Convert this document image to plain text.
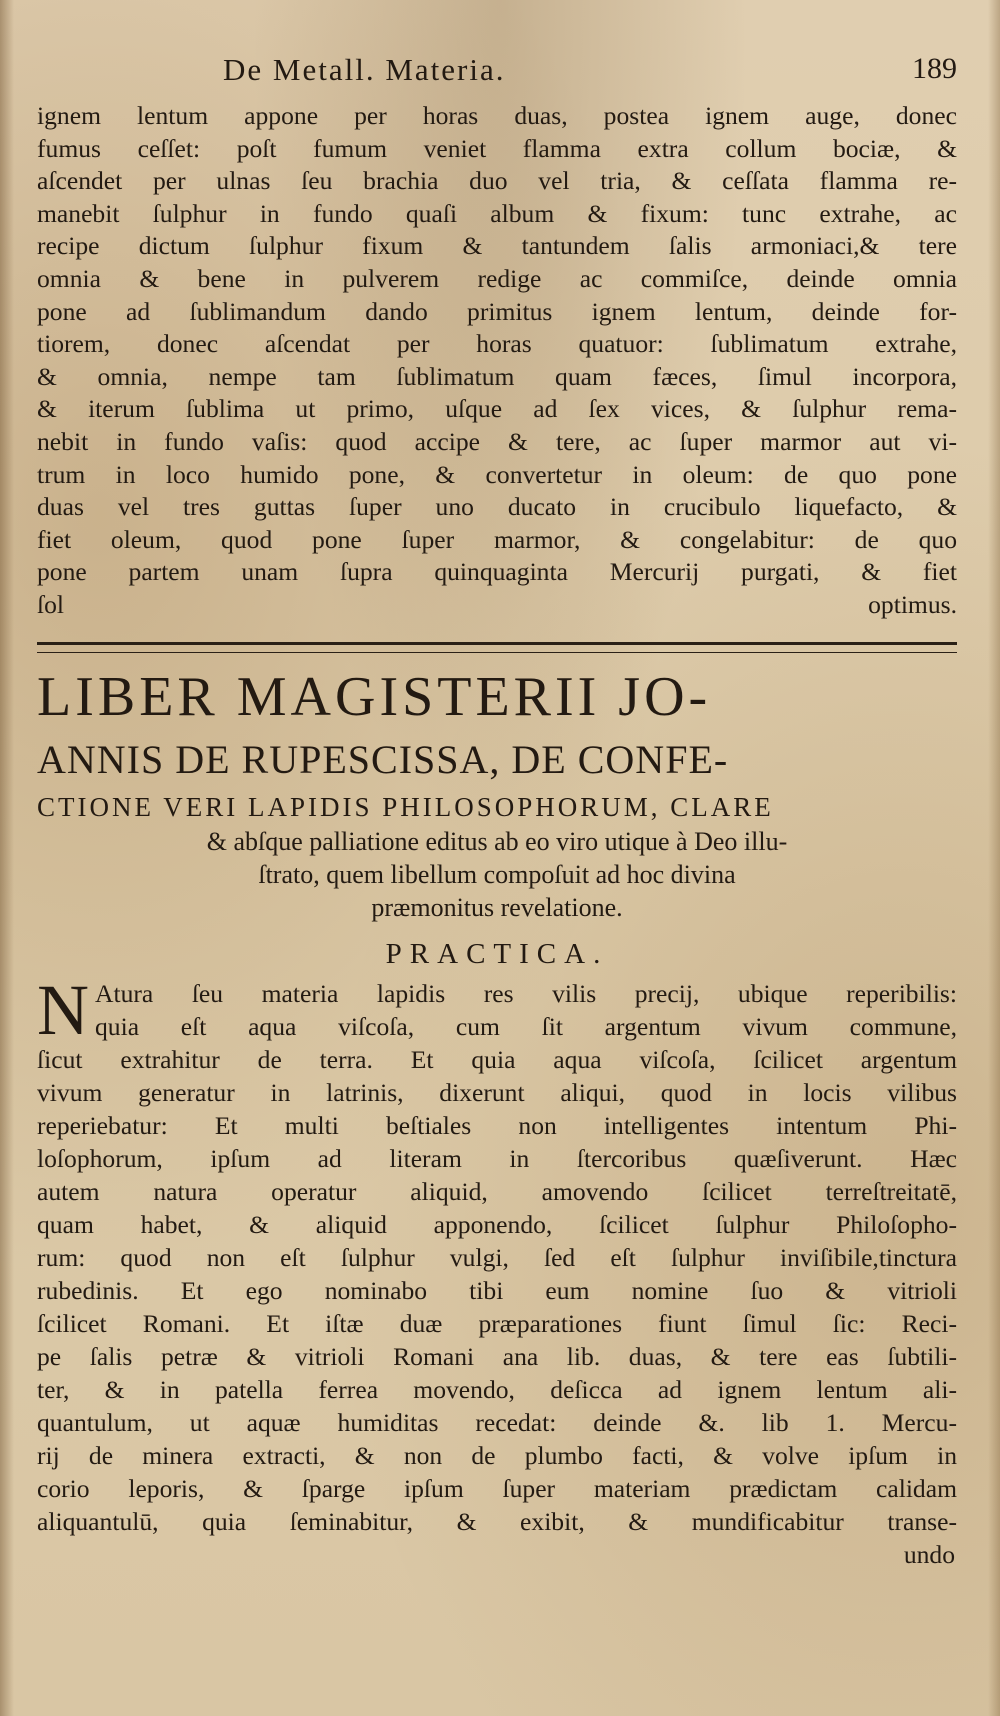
De Metall. Materia.	189
ignem lentum appone per horas duas, postea ignem auge, donec
fumus ceſſet: poſt fumum veniet flamma extra collum bociæ, &
aſcendet per ulnas ſeu brachia duo vel tria, & ceſſata flamma re-
manebit ſulphur in fundo quaſi album & fixum: tunc extrahe, ac
recipe dictum ſulphur fixum & tantundem ſalis armoniaci,& tere
omnia & bene in pulverem redige ac commiſce, deinde omnia
pone ad ſublimandum dando primitus ignem lentum, deinde for-
tiorem, donec aſcendat per horas quatuor: ſublimatum extrahe,
& omnia, nempe tam ſublimatum quam fæces, ſimul incorpora,
& iterum ſublima ut primo, uſque ad ſex vices, & ſulphur rema-
nebit in fundo vaſis: quod accipe & tere, ac ſuper marmor aut vi-
trum in loco humido pone, & convertetur in oleum: de quo pone
duas vel tres guttas ſuper uno ducato in crucibulo liquefacto, &
fiet oleum, quod pone ſuper marmor, & congelabitur: de quo
pone partem unam ſupra quinquaginta Mercurij purgati, & fiet
ſol optimus.
LIBER MAGISTERII JO-
ANNIS DE RUPESCISSA, DE CONFE-
CTIONE VERI LAPIDIS PHILOSOPHORUM, CLARE
& abſque palliatione editus ab eo viro utique à Deo illu-
ſtrato, quem libellum compoſuit ad hoc divina
præmonitus revelatione.
PRACTICA.
N Atura ſeu materia lapidis res vilis precij, ubique reperibilis:
quia eſt aqua viſcoſa, cum ſit argentum vivum commune,
ſicut extrahitur de terra. Et quia aqua viſcoſa, ſcilicet argentum
vivum generatur in latrinis, dixerunt aliqui, quod in locis vilibus
reperiebatur: Et multi beſtiales non intelligentes intentum Phi-
loſophorum, ipſum ad literam in ſtercoribus quæſiverunt. Hæc
autem natura operatur aliquid, amovendo ſcilicet terreſtreitatē,
quam habet, & aliquid apponendo, ſcilicet ſulphur Philoſopho-
rum: quod non eſt ſulphur vulgi, ſed eſt ſulphur inviſibile,tinctura
rubedinis. Et ego nominabo tibi eum nomine ſuo & vitrioli
ſcilicet Romani. Et iſtæ duæ præparationes fiunt ſimul ſic: Reci-
pe ſalis petræ & vitrioli Romani ana lib. duas, & tere eas ſubtili-
ter, & in patella ferrea movendo, deſicca ad ignem lentum ali-
quantulum, ut aquæ humiditas recedat: deinde &. lib 1. Mercu-
rij de minera extracti, & non de plumbo facti, & volve ipſum in
corio leporis, & ſparge ipſum ſuper materiam prædictam calidam
aliquantulū, quia ſeminabitur, & exibit, & mundificabitur transe-
undo
